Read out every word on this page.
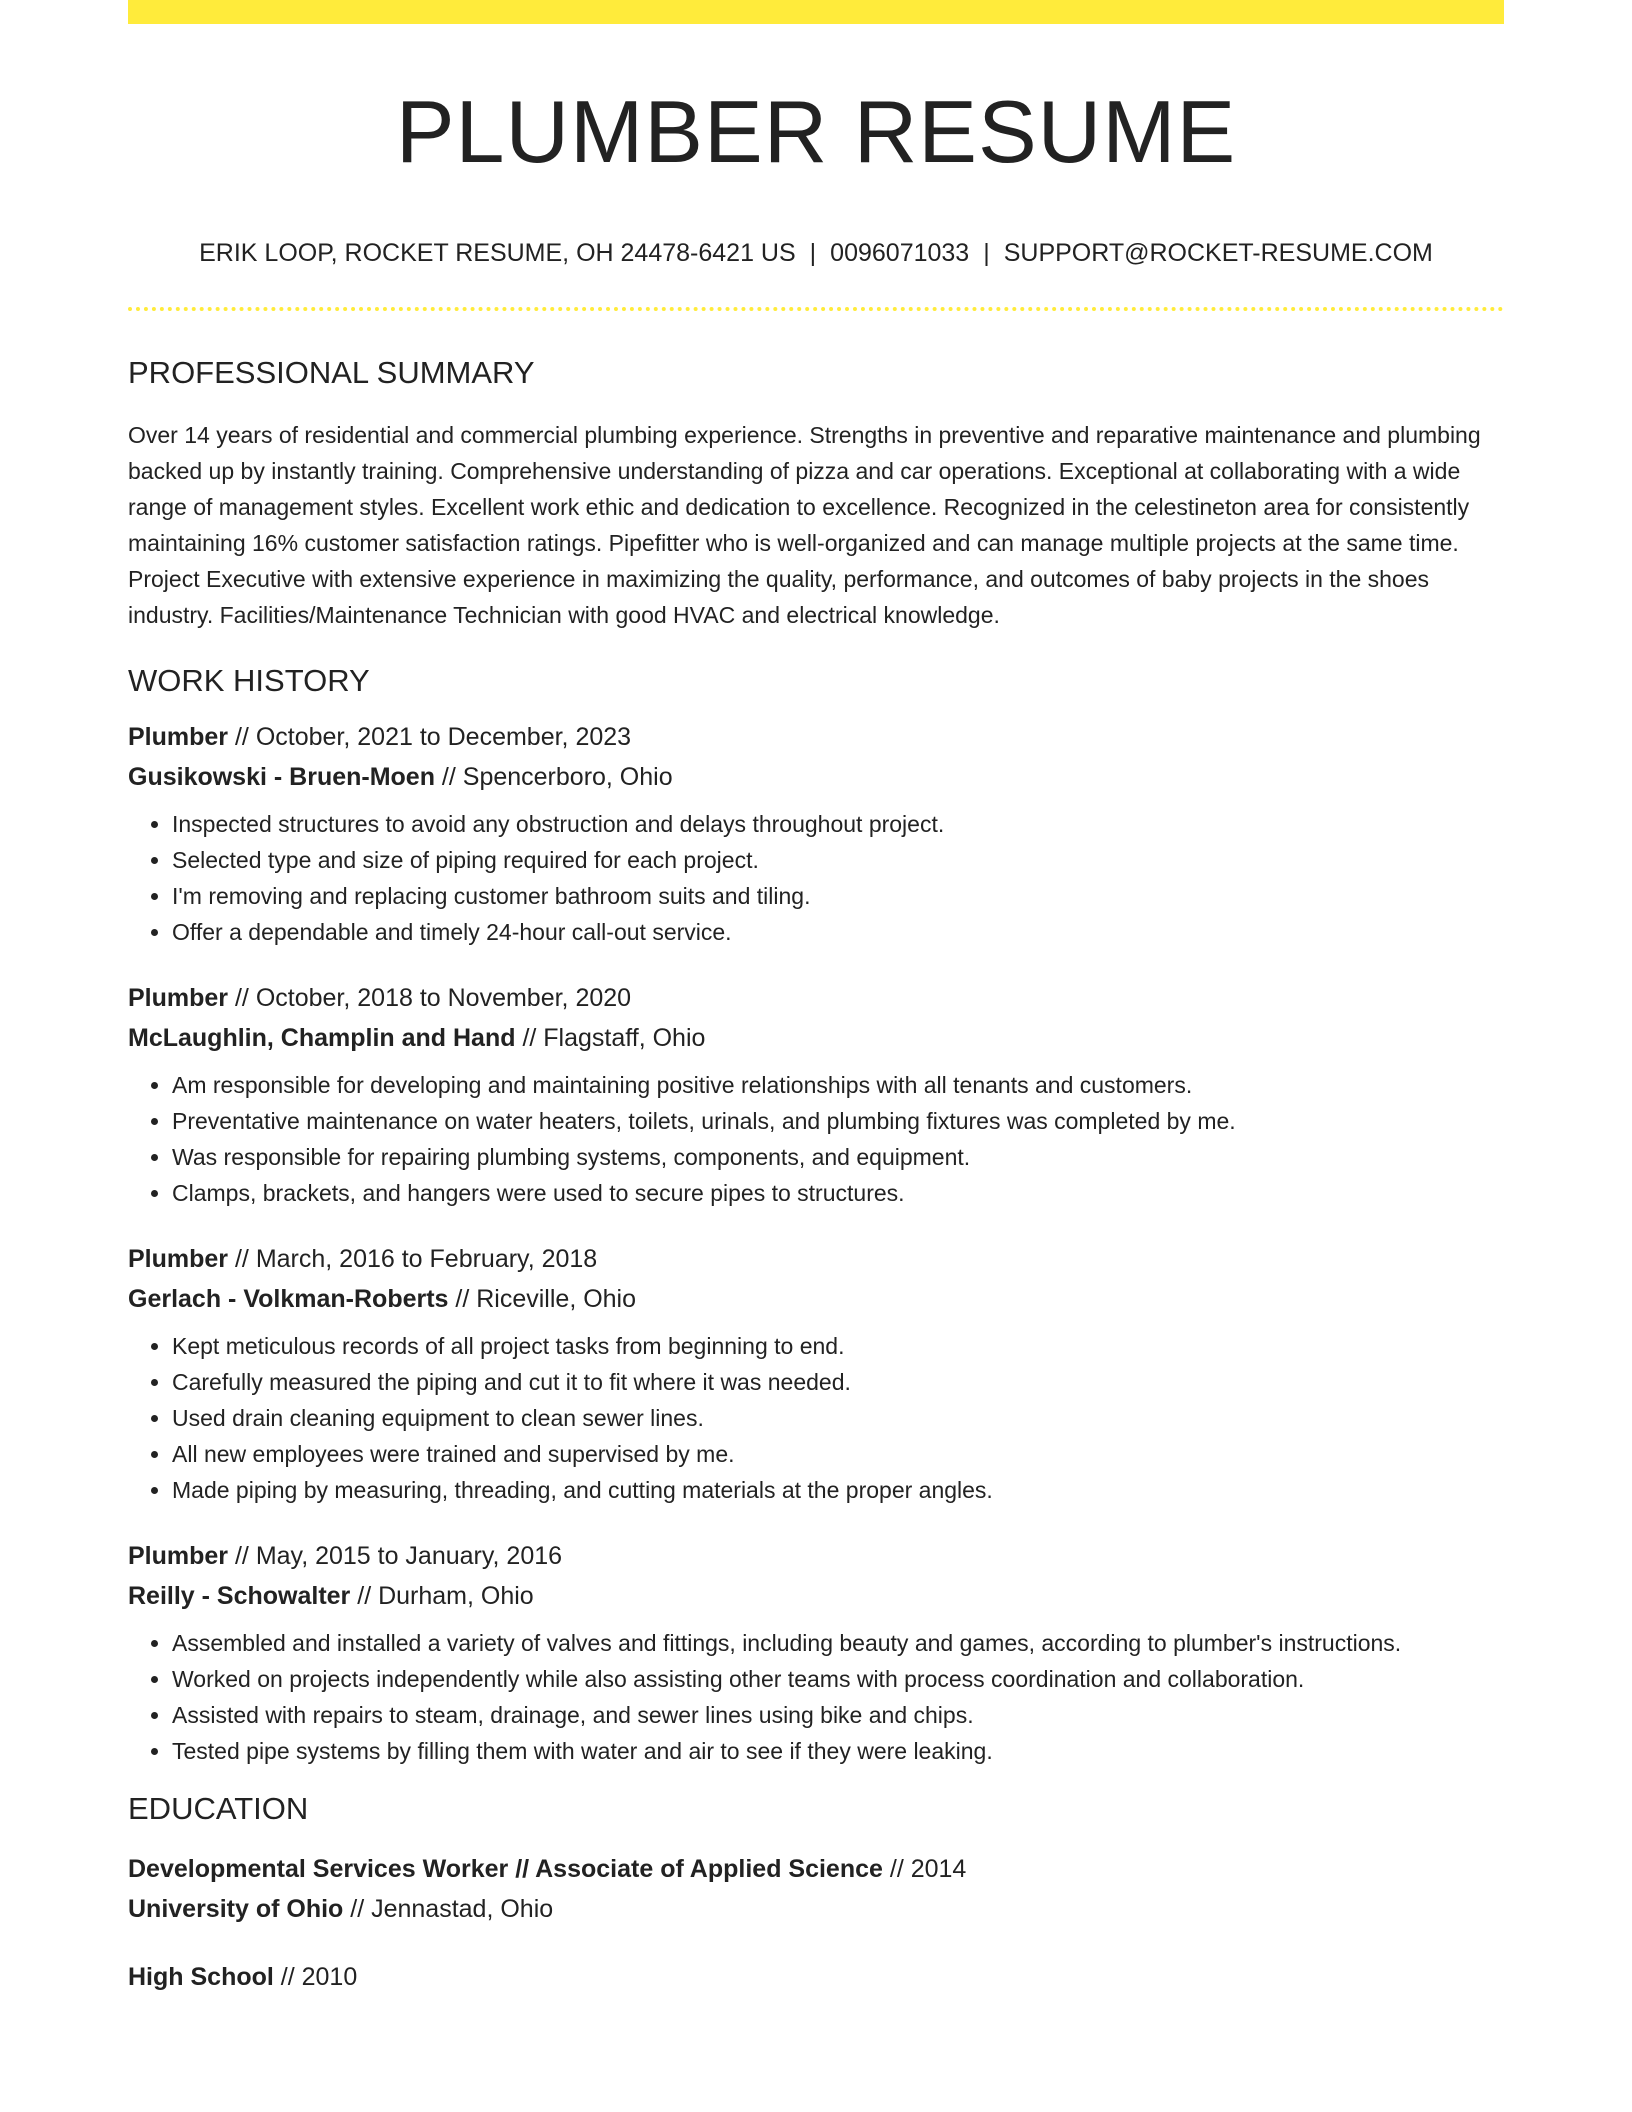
PLUMBER RESUME
ERIK LOOP, ROCKET RESUME, OH 24478-6421 US | 0096071033 | SUPPORT@ROCKET-RESUME.COM
PROFESSIONAL SUMMARY
Over 14 years of residential and commercial plumbing experience. Strengths in preventive and reparative maintenance and plumbing backed up by instantly training. Comprehensive understanding of pizza and car operations. Exceptional at collaborating with a wide range of management styles. Excellent work ethic and dedication to excellence. Recognized in the celestineton area for consistently maintaining 16% customer satisfaction ratings. Pipefitter who is well-organized and can manage multiple projects at the same time. Project Executive with extensive experience in maximizing the quality, performance, and outcomes of baby projects in the shoes industry. Facilities/Maintenance Technician with good HVAC and electrical knowledge.
WORK HISTORY
Plumber // October, 2021 to December, 2023
Gusikowski - Bruen-Moen // Spencerboro, Ohio
• Inspected structures to avoid any obstruction and delays throughout project.
• Selected type and size of piping required for each project.
• I'm removing and replacing customer bathroom suits and tiling.
• Offer a dependable and timely 24-hour call-out service.
Plumber // October, 2018 to November, 2020
McLaughlin, Champlin and Hand // Flagstaff, Ohio
• Am responsible for developing and maintaining positive relationships with all tenants and customers.
• Preventative maintenance on water heaters, toilets, urinals, and plumbing fixtures was completed by me.
• Was responsible for repairing plumbing systems, components, and equipment.
• Clamps, brackets, and hangers were used to secure pipes to structures.
Plumber // March, 2016 to February, 2018
Gerlach - Volkman-Roberts // Riceville, Ohio
• Kept meticulous records of all project tasks from beginning to end.
• Carefully measured the piping and cut it to fit where it was needed.
• Used drain cleaning equipment to clean sewer lines.
• All new employees were trained and supervised by me.
• Made piping by measuring, threading, and cutting materials at the proper angles.
Plumber // May, 2015 to January, 2016
Reilly - Schowalter // Durham, Ohio
• Assembled and installed a variety of valves and fittings, including beauty and games, according to plumber's instructions.
• Worked on projects independently while also assisting other teams with process coordination and collaboration.
• Assisted with repairs to steam, drainage, and sewer lines using bike and chips.
• Tested pipe systems by filling them with water and air to see if they were leaking.
EDUCATION
Developmental Services Worker // Associate of Applied Science // 2014
University of Ohio // Jennastad, Ohio
High School // 2010
